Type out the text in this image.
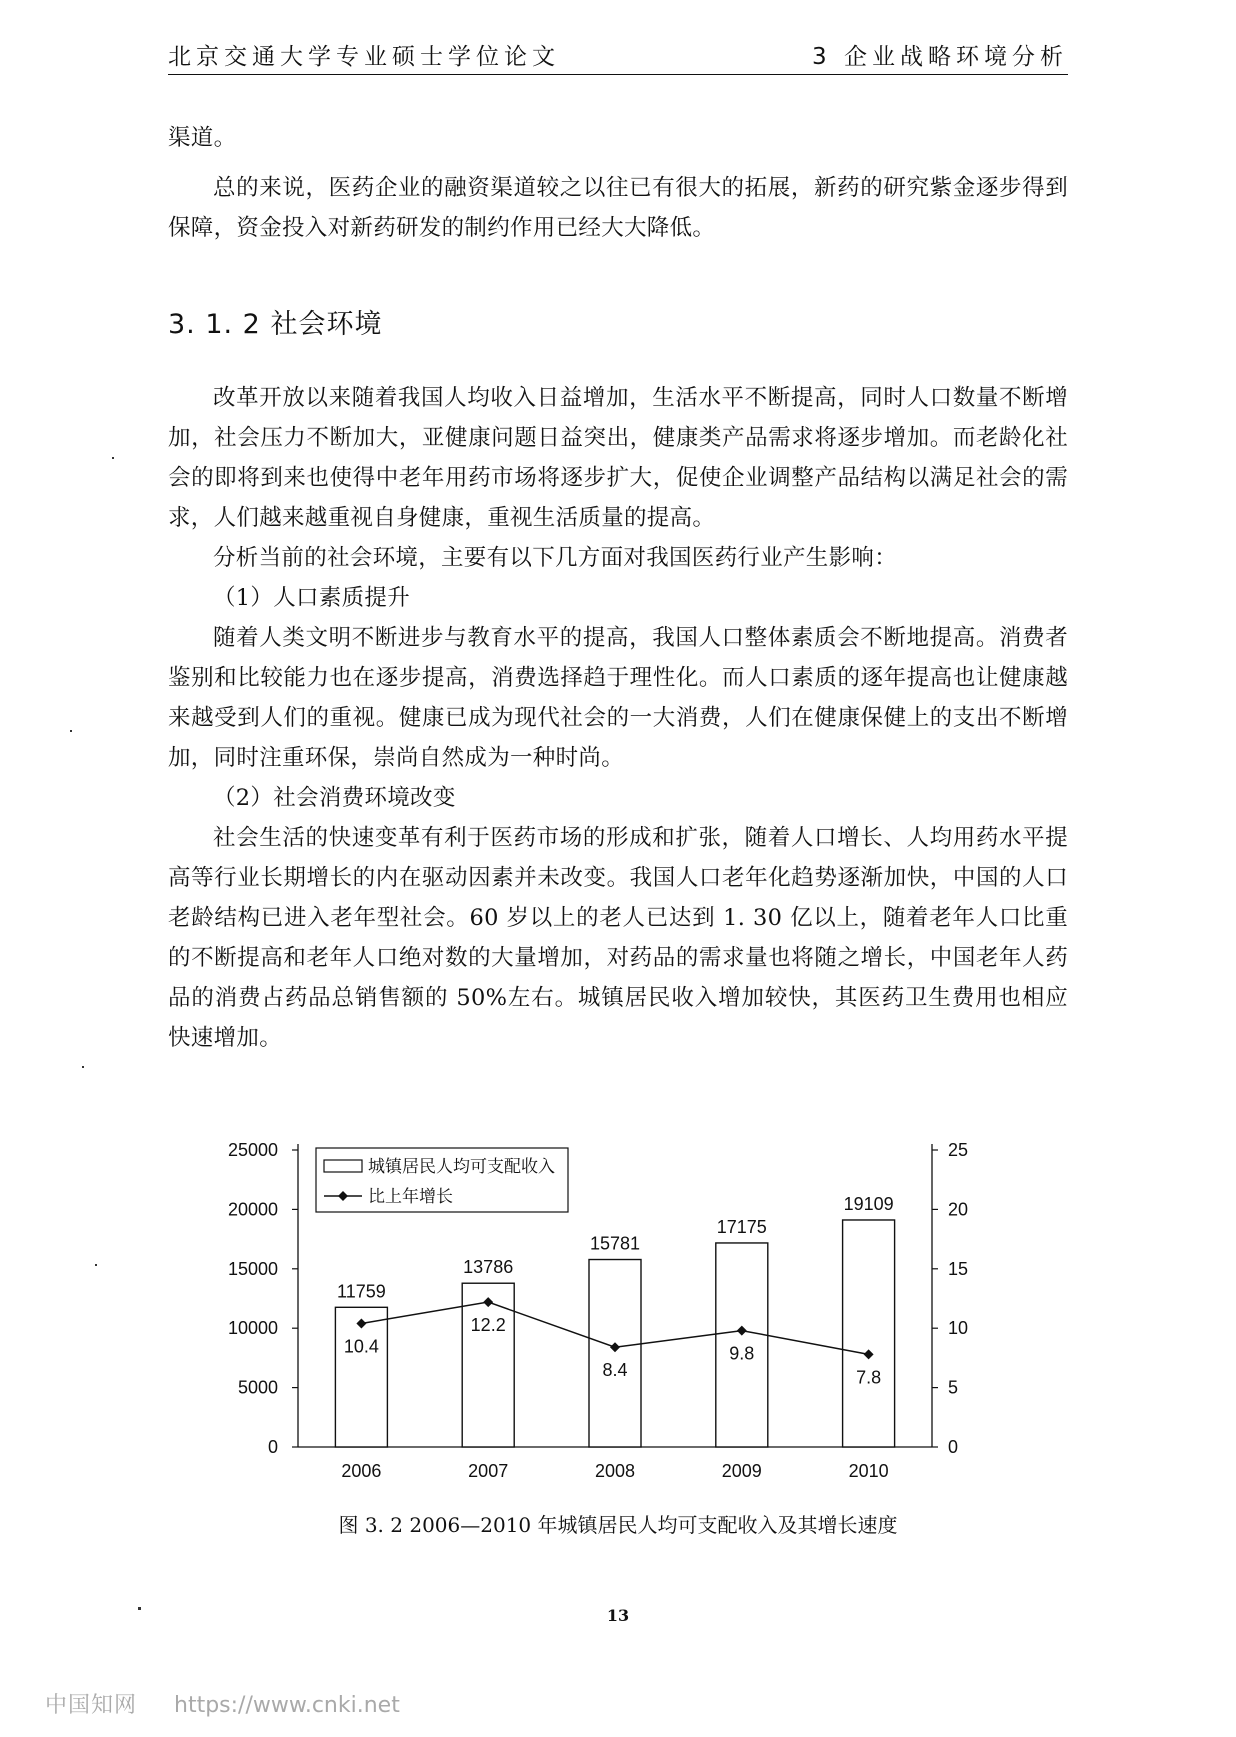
北京交通大学专业硕士学位论文	3 企业战略环境分析
渠道。
总的来说，医药企业的融资渠道较之以往已有很大的拓展，新药的研究紫金逐步得到保障，资金投入对新药研发的制约作用已经大大降低。
3. 1. 2 社会环境
改革开放以来随着我国人均收入日益增加，生活水平不断提高，同时人口数量不断增加，社会压力不断加大，亚健康问题日益突出，健康类产品需求将逐步增加。而老龄化社会的即将到来也使得中老年用药市场将逐步扩大，促使企业调整产品结构以满足社会的需求，人们越来越重视自身健康，重视生活质量的提高。
分析当前的社会环境，主要有以下几方面对我国医药行业产生影响：
（1）人口素质提升
随着人类文明不断进步与教育水平的提高，我国人口整体素质会不断地提高。消费者鉴别和比较能力也在逐步提高，消费选择趋于理性化。而人口素质的逐年提高也让健康越来越受到人们的重视。健康已成为现代社会的一大消费，人们在健康保健上的支出不断增加，同时注重环保，崇尚自然成为一种时尚。
（2）社会消费环境改变
社会生活的快速变革有利于医药市场的形成和扩张，随着人口增长、人均用药水平提高等行业长期增长的内在驱动因素并未改变。我国人口老年化趋势逐渐加快，中国的人口老龄结构已进入老年型社会。60 岁以上的老人已达到 1. 30 亿以上，随着老年人口比重的不断提高和老年人口绝对数的大量增加，对药品的需求量也将随之增长，中国老年人药品的消费占药品总销售额的 50%左右。城镇居民收入增加较快，其医药卫生费用也相应快速增加。
0
5000
10000
15000
20000
25000
0
5
10
15
20
25
11759
2006
13786
2007
15781
2008
17175
2009
19109
2010
10.4
12.2
8.4
9.8
7.8
城镇居民人均可支配收入
比上年增长
图 3. 2 2006—2010 年城镇居民人均可支配收入及其增长速度
13
中国知网 https://www.cnki.net
